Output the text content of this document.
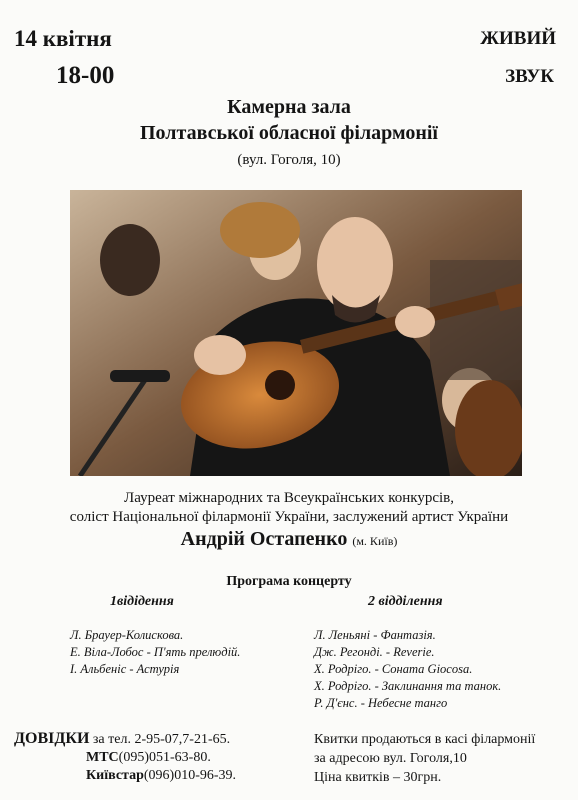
14 квітня
18-00
ЖИВИЙ
ЗВУК
Камерна зала
Полтавської обласної філармонії
(вул. Гоголя, 10)
Лауреат міжнародних та Всеукраїнських конкурсів,
соліст Національної філармонії України, заслужений артист України
Андрій Остапенко (м. Київ)
Програма концерту
1відідення	2 відділення
Л. Брауер-Колискова.
Е. Віла-Лобос - П'ять прелюдій.
І. Альбеніс - Астурія
Л. Леньяні - Фантазія.
Дж. Регонді. - Reverie.
Х. Родріго. - Соната Giocosa.
Х. Родріго. - Заклинання та танок.
Р. Д'єнс. - Небесне танго
ДОВІДКИ за тел. 2-95-07,7-21-65.
МТС(095)051-63-80.
Київстар(096)010-96-39.
Квитки продаються в касі філармонії
за адресою вул. Гоголя,10
Ціна квитків – 30грн.
